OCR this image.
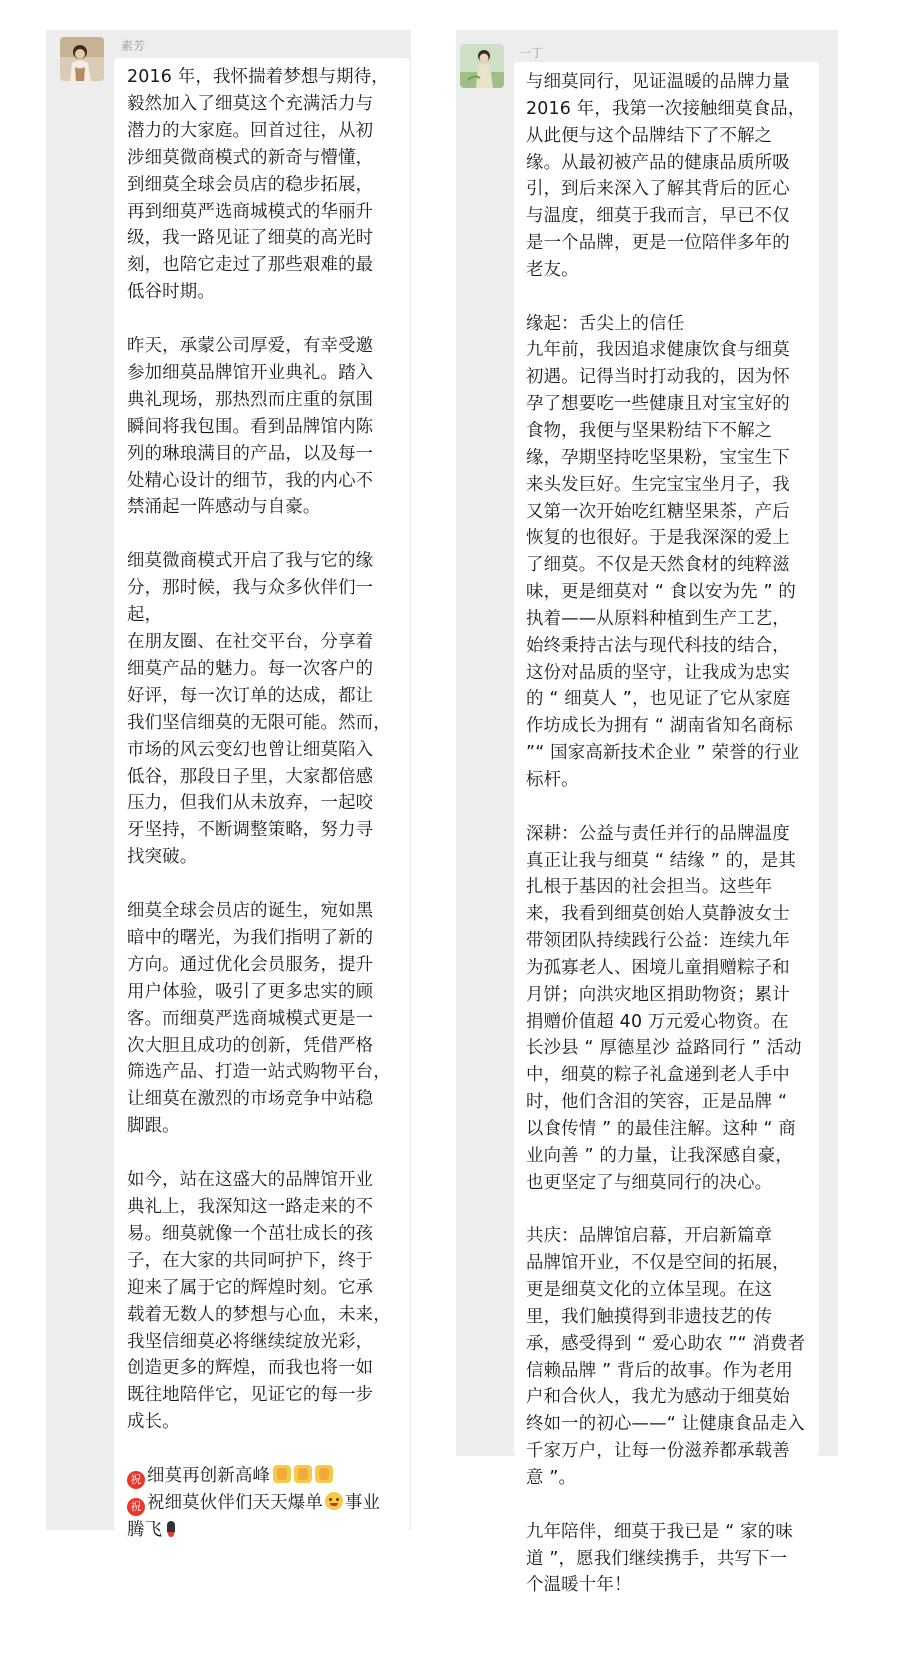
素芳
2016 年，我怀揣着梦想与期待，
毅然加入了细莫这个充满活力与
潜力的大家庭。回首过往，从初
涉细莫微商模式的新奇与懵懂，
到细莫全球会员店的稳步拓展，
再到细莫严选商城模式的华丽升
级，我一路见证了细莫的高光时
刻，也陪它走过了那些艰难的最
低谷时期。
昨天，承蒙公司厚爱，有幸受邀
参加细莫品牌馆开业典礼。踏入
典礼现场，那热烈而庄重的氛围
瞬间将我包围。看到品牌馆内陈
列的琳琅满目的产品，以及每一
处精心设计的细节，我的内心不
禁涌起一阵感动与自豪。
细莫微商模式开启了我与它的缘
分，那时候，我与众多伙伴们一起，
在朋友圈、在社交平台，分享着
细莫产品的魅力。每一次客户的
好评，每一次订单的达成，都让
我们坚信细莫的无限可能。然而，
市场的风云变幻也曾让细莫陷入
低谷，那段日子里，大家都倍感
压力，但我们从未放弃，一起咬
牙坚持，不断调整策略，努力寻
找突破。
细莫全球会员店的诞生，宛如黑
暗中的曙光，为我们指明了新的
方向。通过优化会员服务，提升
用户体验，吸引了更多忠实的顾
客。而细莫严选商城模式更是一
次大胆且成功的创新，凭借严格
筛选产品、打造一站式购物平台，
让细莫在激烈的市场竞争中站稳
脚跟。
如今，站在这盛大的品牌馆开业
典礼上，我深知这一路走来的不
易。细莫就像一个茁壮成长的孩
子，在大家的共同呵护下，终于
迎来了属于它的辉煌时刻。它承
载着无数人的梦想与心血，未来，
我坚信细莫必将继续绽放光彩，
创造更多的辉煌，而我也将一如
既往地陪伴它，见证它的每一步
成长。
祝 细莫再创新高峰
祝 祝细莫伙伴们天天爆单 事业
腾飞
一丁
与细莫同行，见证温暖的品牌力量
2016 年，我第一次接触细莫食品，
从此便与这个品牌结下了不解之
缘。从最初被产品的健康品质所吸
引，到后来深入了解其背后的匠心
与温度，细莫于我而言，早已不仅
是一个品牌，更是一位陪伴多年的
老友。
缘起：舌尖上的信任
九年前，我因追求健康饮食与细莫
初遇。记得当时打动我的，因为怀
孕了想要吃一些健康且对宝宝好的
食物，我便与坚果粉结下不解之
缘，孕期坚持吃坚果粉，宝宝生下
来头发巨好。生完宝宝坐月子，我
又第一次开始吃红糖坚果茶，产后
恢复的也很好。于是我深深的爱上
了细莫。不仅是天然食材的纯粹滋
味，更是细莫对 “ 食以安为先 ” 的
执着——从原料种植到生产工艺，
始终秉持古法与现代科技的结合，
这份对品质的坚守，让我成为忠实
的 “ 细莫人 ”，也见证了它从家庭
作坊成长为拥有 “ 湖南省知名商标
”“ 国家高新技术企业 ” 荣誉的行业
标杆。
深耕：公益与责任并行的品牌温度
真正让我与细莫 “ 结缘 ” 的，是其
扎根于基因的社会担当。这些年
来，我看到细莫创始人莫静波女士
带领团队持续践行公益：连续九年
为孤寡老人、困境儿童捐赠粽子和
月饼；向洪灾地区捐助物资；累计
捐赠价值超 40 万元爱心物资。在
长沙县 “ 厚德星沙 益路同行 ” 活动
中，细莫的粽子礼盒递到老人手中
时，他们含泪的笑容，正是品牌 “
以食传情 ” 的最佳注解。这种 “ 商
业向善 ” 的力量，让我深感自豪，
也更坚定了与细莫同行的决心。
共庆：品牌馆启幕，开启新篇章
品牌馆开业，不仅是空间的拓展，
更是细莫文化的立体呈现。在这
里，我们触摸得到非遗技艺的传
承，感受得到 “ 爱心助农 ”“ 消费者
信赖品牌 ” 背后的故事。作为老用
户和合伙人，我尤为感动于细莫始
终如一的初心——“ 让健康食品走入
千家万户，让每一份滋养都承载善
意 ”。
九年陪伴，细莫于我已是 “ 家的味
道 ”，愿我们继续携手，共写下一
个温暖十年！
